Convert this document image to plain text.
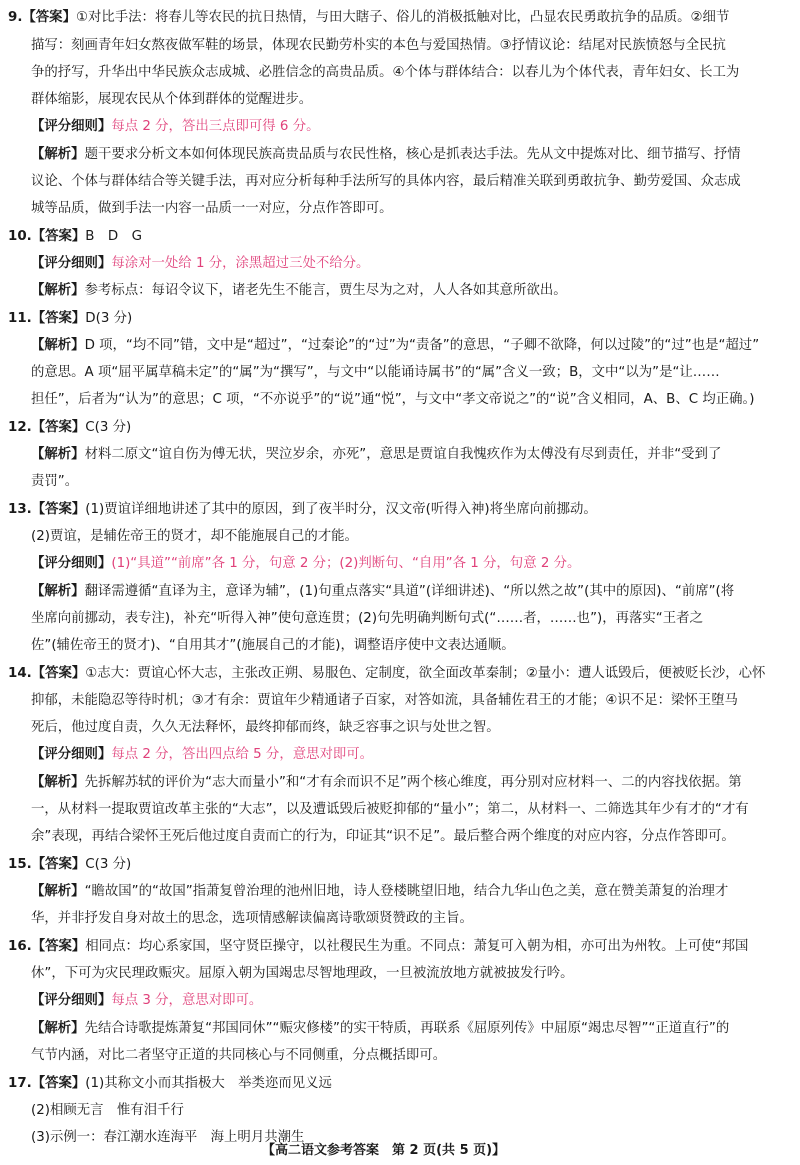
9.【答案】①对比手法：将春儿等农民的抗日热情，与田大瞎子、俗儿的消极抵触对比，凸显农民勇敢抗争的品质。②细节
描写：刻画青年妇女熬夜做军鞋的场景，体现农民勤劳朴实的本色与爱国热情。③抒情议论：结尾对民族愤怒与全民抗
争的抒写，升华出中华民族众志成城、必胜信念的高贵品质。④个体与群体结合：以春儿为个体代表，青年妇女、长工为
群体缩影，展现农民从个体到群体的觉醒进步。
【评分细则】每点 2 分，答出三点即可得 6 分。
【解析】题干要求分析文本如何体现民族高贵品质与农民性格，核心是抓表达手法。先从文中提炼对比、细节描写、抒情
议论、个体与群体结合等关键手法，再对应分析每种手法所写的具体内容，最后精准关联到勇敢抗争、勤劳爱国、众志成
城等品质，做到手法一内容一品质一一对应，分点作答即可。
10.【答案】B　D　G
【评分细则】每涂对一处给 1 分，涂黑超过三处不给分。
【解析】参考标点：每诏令议下，诸老先生不能言，贾生尽为之对，人人各如其意所欲出。
11.【答案】D(3 分)
【解析】D 项，“均不同”错，文中是“超过”，“过秦论”的“过”为“责备”的意思，“子卿不欲降，何以过陵”的“过”也是“超过”
的意思。A 项“屈平属草稿未定”的“属”为“撰写”，与文中“以能诵诗属书”的“属”含义一致；B，文中“以为”是“让……
担任”，后者为“认为”的意思；C 项，“不亦说乎”的“说”通“悦”，与文中“孝文帝说之”的“说”含义相同，A、B、C 均正确。)
12.【答案】C(3 分)
【解析】材料二原文“谊自伤为傅无状，哭泣岁余，亦死”，意思是贾谊自我愧疚作为太傅没有尽到责任，并非“受到了
责罚”。
13.【答案】(1)贾谊详细地讲述了其中的原因，到了夜半时分，汉文帝(听得入神)将坐席向前挪动。
(2)贾谊，是辅佐帝王的贤才，却不能施展自己的才能。
【评分细则】(1)“具道”“前席”各 1 分，句意 2 分；(2)判断句、“自用”各 1 分，句意 2 分。
【解析】翻译需遵循“直译为主，意译为辅”，(1)句重点落实“具道”(详细讲述)、“所以然之故”(其中的原因)、“前席”(将
坐席向前挪动，表专注)，补充“听得入神”使句意连贯；(2)句先明确判断句式(“……者，……也”)，再落实“王者之
佐”(辅佐帝王的贤才)、“自用其才”(施展自己的才能)，调整语序使中文表达通顺。
14.【答案】①志大：贾谊心怀大志，主张改正朔、易服色、定制度，欲全面改革秦制；②量小：遭人诋毁后，便被贬长沙，心怀
抑郁，未能隐忍等待时机；③才有余：贾谊年少精通诸子百家，对答如流，具备辅佐君王的才能；④识不足：梁怀王堕马
死后，他过度自责，久久无法释怀，最终抑郁而终，缺乏容事之识与处世之智。
【评分细则】每点 2 分，答出四点给 5 分，意思对即可。
【解析】先拆解苏轼的评价为“志大而量小”和“才有余而识不足”两个核心维度，再分别对应材料一、二的内容找依据。第
一，从材料一提取贾谊改革主张的“大志”，以及遭诋毁后被贬抑郁的“量小”；第二，从材料一、二筛选其年少有才的“才有
余”表现，再结合梁怀王死后他过度自责而亡的行为，印证其“识不足”。最后整合两个维度的对应内容，分点作答即可。
15.【答案】C(3 分)
【解析】“瞻故国”的“故国”指萧复曾治理的池州旧地，诗人登楼眺望旧地，结合九华山色之美，意在赞美萧复的治理才
华，并非抒发自身对故土的思念，选项情感解读偏离诗歌颂贤赞政的主旨。
16.【答案】相同点：均心系家国，坚守贤臣操守，以社稷民生为重。不同点：萧复可入朝为相，亦可出为州牧。上可使“邦国
休”，下可为灾民理政赈灾。屈原入朝为国竭忠尽智地理政，一旦被流放地方就被披发行吟。
【评分细则】每点 3 分，意思对即可。
【解析】先结合诗歌提炼萧复“邦国同休”“赈灾修楼”的实干特质，再联系《屈原列传》中屈原“竭忠尽智”“正道直行”的
气节内涵，对比二者坚守正道的共同核心与不同侧重，分点概括即可。
17.【答案】(1)其称文小而其指极大　举类迩而见义远
(2)相顾无言　惟有泪千行
(3)示例一：春江潮水连海平　海上明月共潮生
【高二语文参考答案　第 2 页(共 5 页)】
